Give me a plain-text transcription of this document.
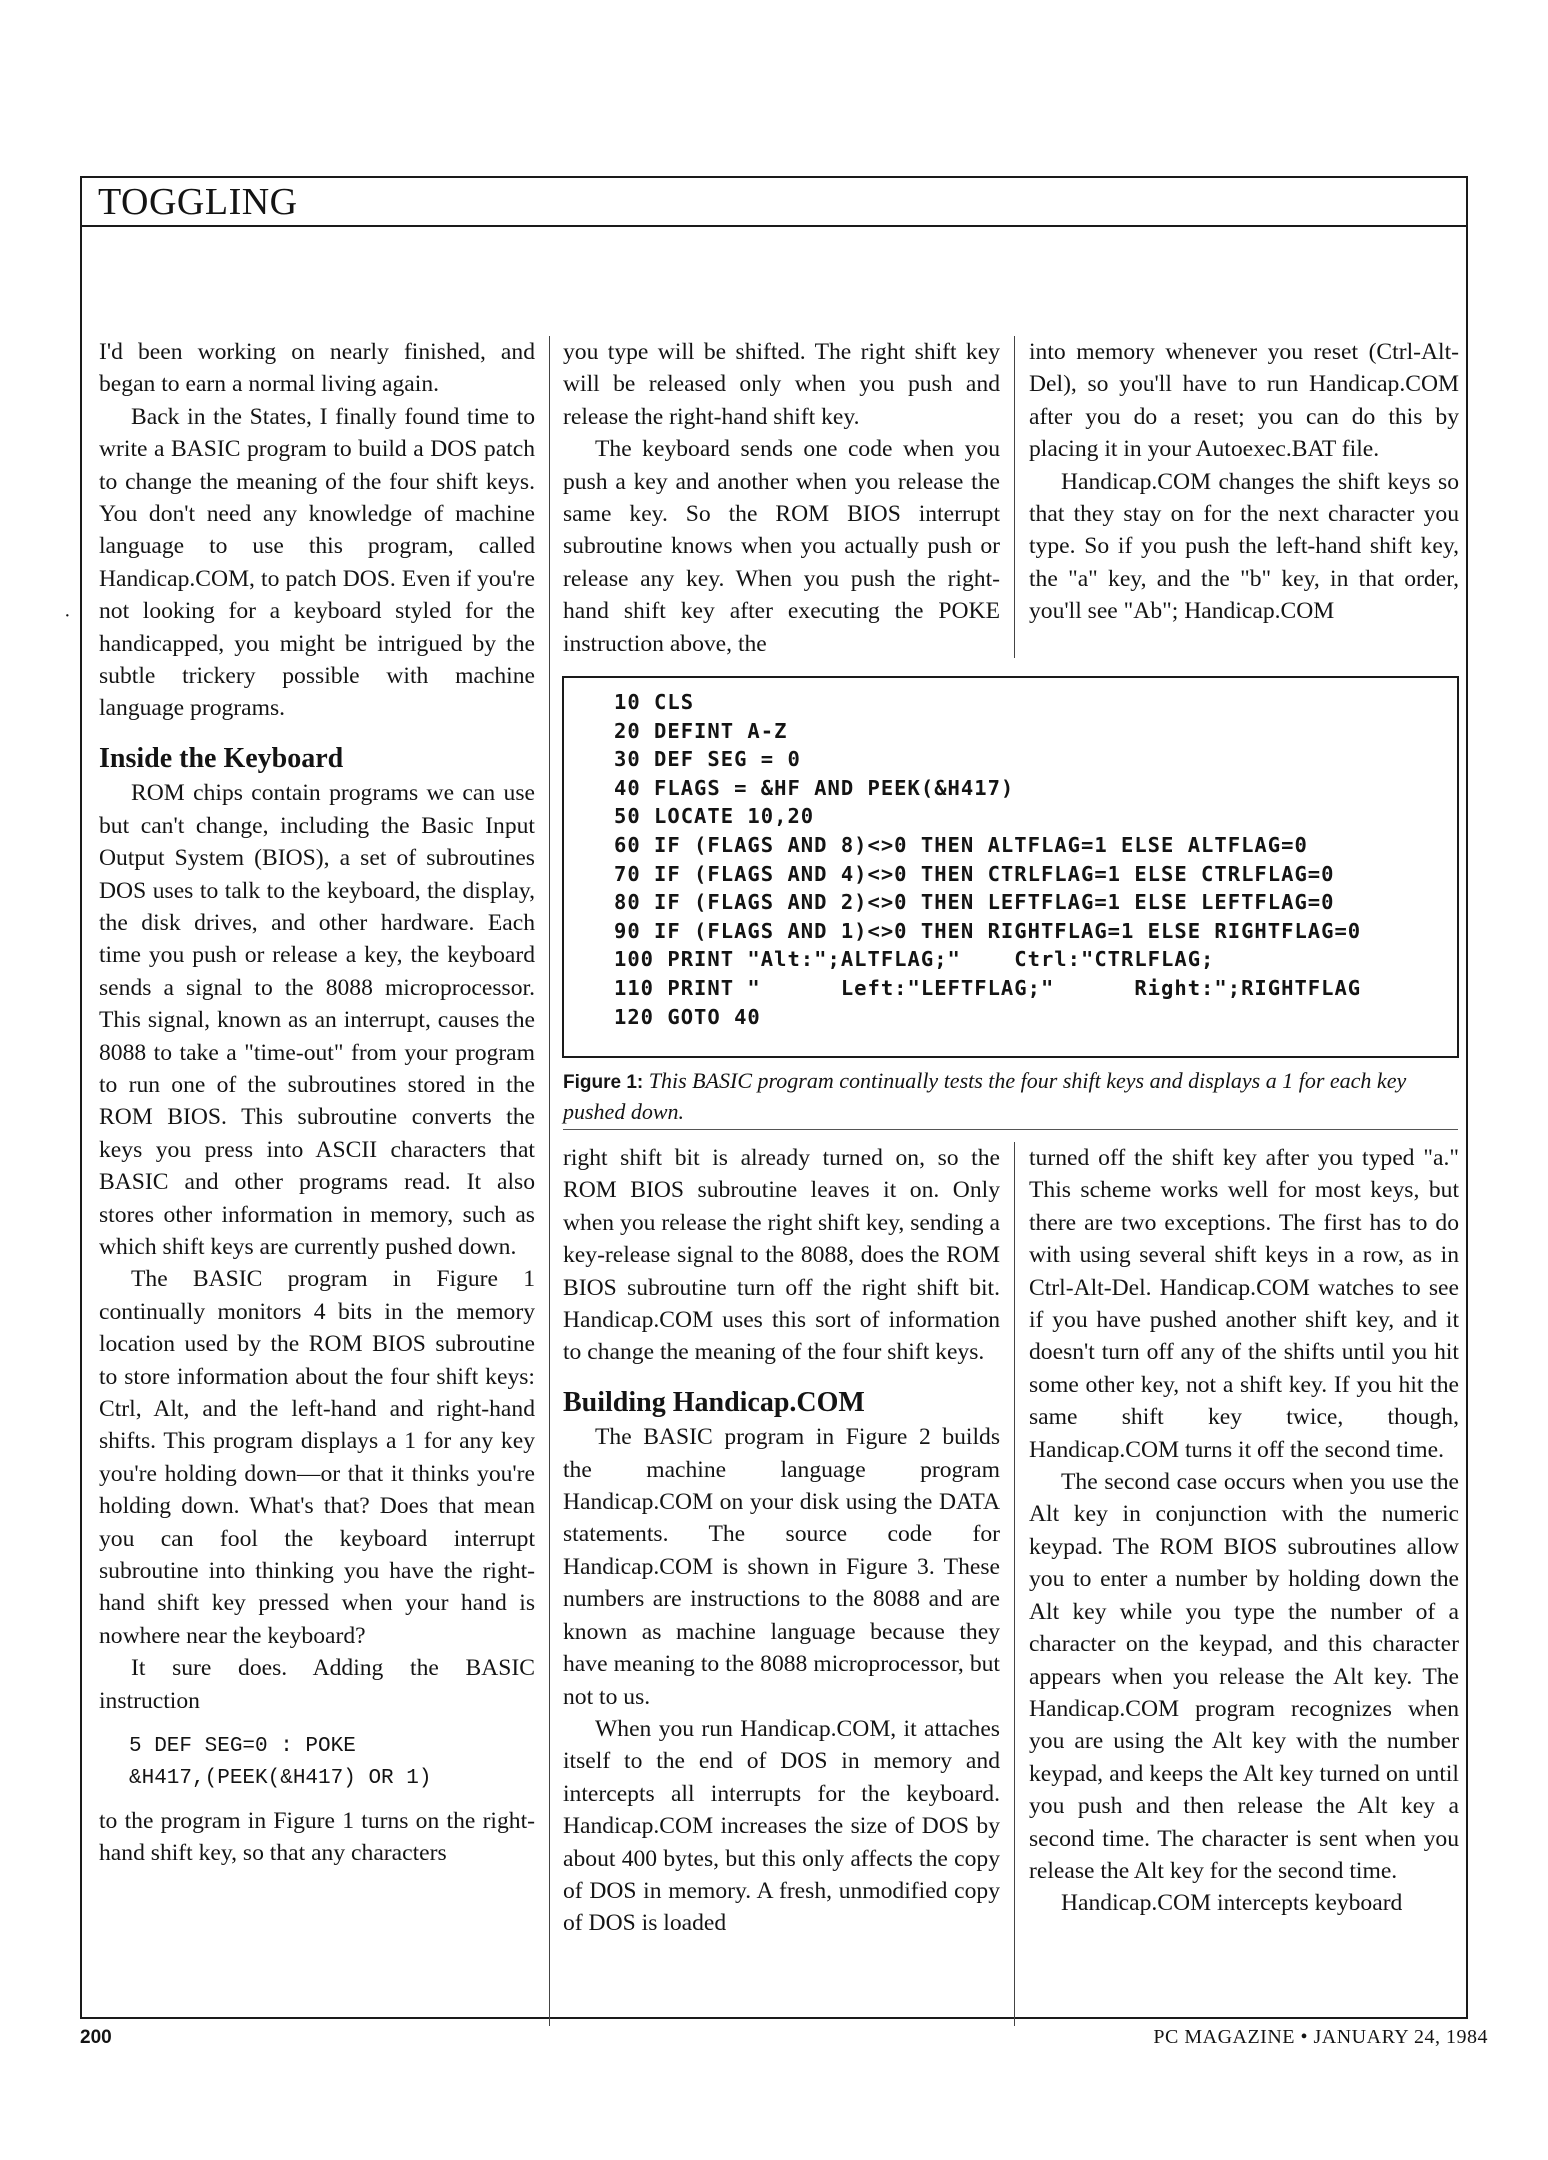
TOGGLING
·

I'd been working on nearly finished, and began to earn a normal living again.

Back in the States, I finally found time to write a BASIC program to build a DOS patch to change the meaning of the four shift keys. You don't need any knowledge of machine language to use this program, called Handicap.COM, to patch DOS. Even if you're not looking for a keyboard styled for the handicapped, you might be intrigued by the subtle trickery possible with machine language programs.

Inside the Keyboard

ROM chips contain programs we can use but can't change, including the Basic Input Output System (BIOS), a set of subroutines DOS uses to talk to the keyboard, the display, the disk drives, and other hardware. Each time you push or release a key, the keyboard sends a signal to the 8088 microprocessor. This signal, known as an interrupt, causes the 8088 to take a "time-out" from your program to run one of the subroutines stored in the ROM BIOS. This subroutine converts the keys you press into ASCII characters that BASIC and other programs read. It also stores other information in memory, such as which shift keys are currently pushed down.

The BASIC program in Figure 1 continually monitors 4 bits in the memory location used by the ROM BIOS subroutine to store information about the four shift keys: Ctrl, Alt, and the left-hand and right-hand shifts. This program displays a 1 for any key you're holding down—or that it thinks you're holding down. What's that? Does that mean you can fool the keyboard interrupt subroutine into thinking you have the right-hand shift key pressed when your hand is nowhere near the keyboard?

It sure does. Adding the BASIC instruction

5 DEF SEG=0 : POKE
&H417,(PEEK(&H417) OR 1)

to the program in Figure 1 turns on the right-hand shift key, so that any characters

you type will be shifted. The right shift key will be released only when you push and release the right-hand shift key.

The keyboard sends one code when you push a key and another when you release the same key. So the ROM BIOS interrupt subroutine knows when you actually push or release any key. When you push the right-hand shift key after executing the POKE instruction above, the

into memory whenever you reset (Ctrl-Alt-Del), so you'll have to run Handicap.COM after you do a reset; you can do this by placing it in your Autoexec.BAT file.

Handicap.COM changes the shift keys so that they stay on for the next character you type. So if you push the left-hand shift key, the "a" key, and the "b" key, in that order, you'll see "Ab"; Handicap.COM

10 CLS
20 DEFINT A-Z
30 DEF SEG = 0
40 FLAGS = &HF AND PEEK(&H417)
50 LOCATE 10,20
60 IF (FLAGS AND 8)<>0 THEN ALTFLAG=1 ELSE ALTFLAG=0
70 IF (FLAGS AND 4)<>0 THEN CTRLFLAG=1 ELSE CTRLFLAG=0
80 IF (FLAGS AND 2)<>0 THEN LEFTFLAG=1 ELSE LEFTFLAG=0
90 IF (FLAGS AND 1)<>0 THEN RIGHTFLAG=1 ELSE RIGHTFLAG=0
100 PRINT "Alt:";ALTFLAG;"    Ctrl:"CTRLFLAG;
110 PRINT "      Left:"LEFTFLAG;"      Right:";RIGHTFLAG
120 GOTO 40
Figure 1: This BASIC program continually tests the four shift keys and displays a 1 for each key pushed down.

right shift bit is already turned on, so the ROM BIOS subroutine leaves it on. Only when you release the right shift key, sending a key-release signal to the 8088, does the ROM BIOS subroutine turn off the right shift bit. Handicap.COM uses this sort of information to change the meaning of the four shift keys.

Building Handicap.COM

The BASIC program in Figure 2 builds the machine language program Handicap.COM on your disk using the DATA statements. The source code for Handicap.COM is shown in Figure 3. These numbers are instructions to the 8088 and are known as machine language because they have meaning to the 8088 microprocessor, but not to us.

When you run Handicap.COM, it attaches itself to the end of DOS in memory and intercepts all interrupts for the keyboard. Handicap.COM increases the size of DOS by about 400 bytes, but this only affects the copy of DOS in memory. A fresh, unmodified copy of DOS is loaded

turned off the shift key after you typed "a." This scheme works well for most keys, but there are two exceptions. The first has to do with using several shift keys in a row, as in Ctrl-Alt-Del. Handicap.COM watches to see if you have pushed another shift key, and it doesn't turn off any of the shifts until you hit some other key, not a shift key. If you hit the same shift key twice, though, Handicap.COM turns it off the second time.

The second case occurs when you use the Alt key in conjunction with the numeric keypad. The ROM BIOS subroutines allow you to enter a number by holding down the Alt key while you type the number of a character on the keypad, and this character appears when you release the Alt key. The Handicap.COM program recognizes when you are using the Alt key with the number keypad, and keeps the Alt key turned on until you push and then release the Alt key a second time. The character is sent when you release the Alt key for the second time.

Handicap.COM intercepts keyboard

200	PC MAGAZINE • JANUARY 24, 1984
